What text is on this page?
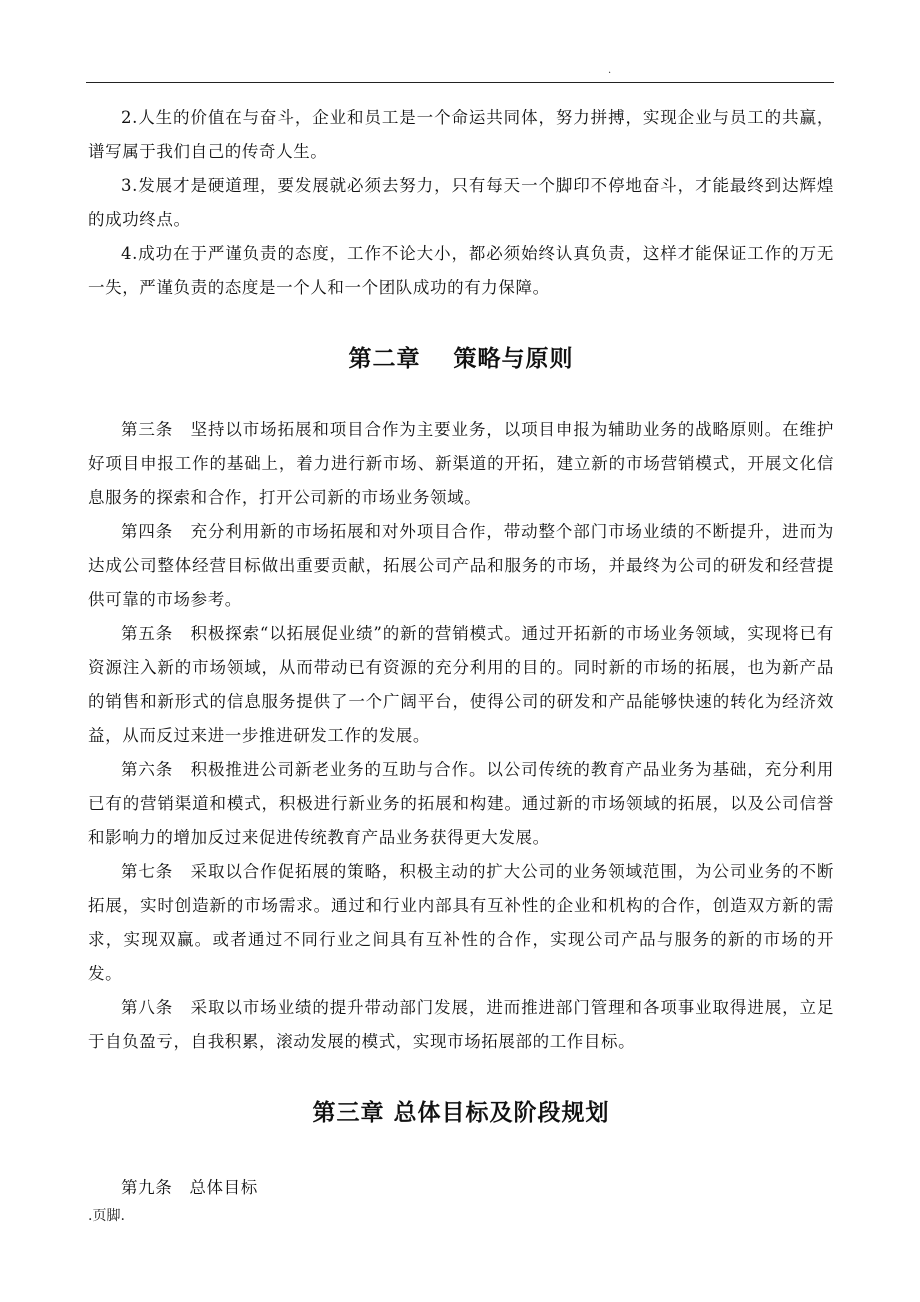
.

2.人生的价值在与奋斗，企业和员工是一个命运共同体，努力拼搏，实现企业与员工的共赢，谱写属于我们自己的传奇人生。

3.发展才是硬道理，要发展就必须去努力，只有每天一个脚印不停地奋斗，才能最终到达辉煌的成功终点。

4.成功在于严谨负责的态度，工作不论大小，都必须始终认真负责，这样才能保证工作的万无一失，严谨负责的态度是一个人和一个团队成功的有力保障。

第二章　 策略与原则

第三条　坚持以市场拓展和项目合作为主要业务，以项目申报为辅助业务的战略原则。在维护好项目申报工作的基础上，着力进行新市场、新渠道的开拓，建立新的市场营销模式，开展文化信息服务的探索和合作，打开公司新的市场业务领域。

第四条　充分利用新的市场拓展和对外项目合作，带动整个部门市场业绩的不断提升，进而为达成公司整体经营目标做出重要贡献，拓展公司产品和服务的市场，并最终为公司的研发和经营提供可靠的市场参考。

第五条　积极探索“以拓展促业绩”的新的营销模式。通过开拓新的市场业务领域，实现将已有资源注入新的市场领域，从而带动已有资源的充分利用的目的。同时新的市场的拓展，也为新产品的销售和新形式的信息服务提供了一个广阔平台，使得公司的研发和产品能够快速的转化为经济效益，从而反过来进一步推进研发工作的发展。

第六条　积极推进公司新老业务的互助与合作。以公司传统的教育产品业务为基础，充分利用已有的营销渠道和模式，积极进行新业务的拓展和构建。通过新的市场领域的拓展，以及公司信誉和影响力的增加反过来促进传统教育产品业务获得更大发展。

第七条　采取以合作促拓展的策略，积极主动的扩大公司的业务领域范围，为公司业务的不断拓展，实时创造新的市场需求。通过和行业内部具有互补性的企业和机构的合作，创造双方新的需求，实现双赢。或者通过不同行业之间具有互补性的合作，实现公司产品与服务的新的市场的开发。

第八条　采取以市场业绩的提升带动部门发展，进而推进部门管理和各项事业取得进展，立足于自负盈亏，自我积累，滚动发展的模式，实现市场拓展部的工作目标。

第三章 总体目标及阶段规划

第九条　总体目标

.页脚.
